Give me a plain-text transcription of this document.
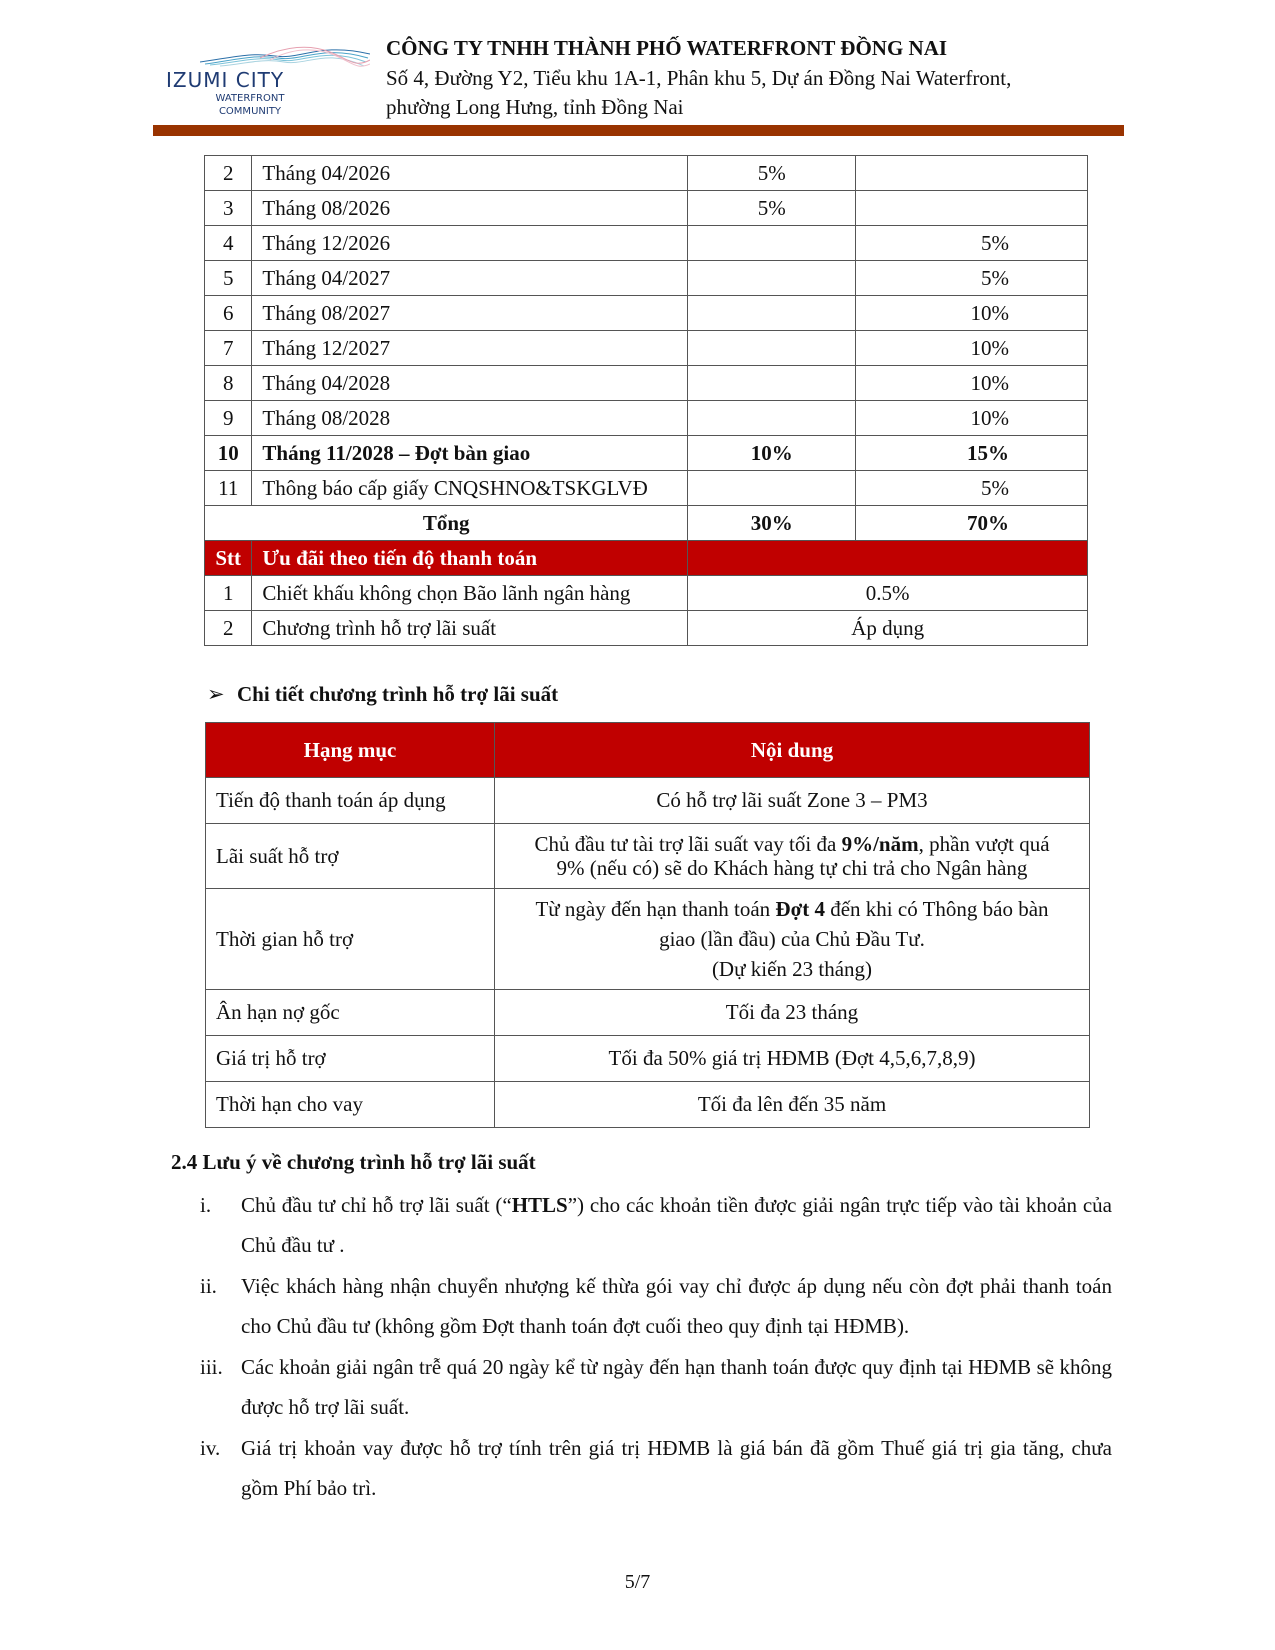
IZUMI CITY
WATERFRONT
COMMUNITY
CÔNG TY TNHH THÀNH PHỐ WATERFRONT ĐỒNG NAI
Số 4, Đường Y2, Tiểu khu 1A-1, Phân khu 5, Dự án Đồng Nai Waterfront,
phường Long Hưng, tỉnh Đồng Nai
2	Tháng 04/2026	5%	
3	Tháng 08/2026	5%	
4	Tháng 12/2026		5%
5	Tháng 04/2027		5%
6	Tháng 08/2027		10%
7	Tháng 12/2027		10%
8	Tháng 04/2028		10%
9	Tháng 08/2028		10%
10	Tháng 11/2028 – Đợt bàn giao	10%	15%
11	Thông báo cấp giấy CNQSHNO&TSKGLVĐ		5%
Tổng		30%	70%
Stt	Ưu đãi theo tiến độ thanh toán		
1	Chiết khấu không chọn Bão lãnh ngân hàng	0.5%	
2	Chương trình hỗ trợ lãi suất	Áp dụng	
➢ Chi tiết chương trình hỗ trợ lãi suất
Hạng mục	Nội dung
Tiến độ thanh toán áp dụng	Có hỗ trợ lãi suất Zone 3 – PM3
Lãi suất hỗ trợ	Chủ đầu tư tài trợ lãi suất vay tối đa 9%/năm, phần vượt quá
9% (nếu có) sẽ do Khách hàng tự chi trả cho Ngân hàng
Thời gian hỗ trợ	Từ ngày đến hạn thanh toán Đợt 4 đến khi có Thông báo bàn
giao (lần đầu) của Chủ Đầu Tư.
(Dự kiến 23 tháng)
Ân hạn nợ gốc	Tối đa 23 tháng
Giá trị hỗ trợ	Tối đa 50% giá trị HĐMB (Đợt 4,5,6,7,8,9)
Thời hạn cho vay	Tối đa lên đến 35 năm
2.4 Lưu ý về chương trình hỗ trợ lãi suất
i.	Chủ đầu tư chỉ hỗ trợ lãi suất (“HTLS”) cho các khoản tiền được giải ngân trực tiếp vào tài khoản của Chủ đầu tư .
ii.	Việc khách hàng nhận chuyển nhượng kế thừa gói vay chỉ được áp dụng nếu còn đợt phải thanh toán cho Chủ đầu tư (không gồm Đợt thanh toán đợt cuối theo quy định tại HĐMB).
iii. Các khoản giải ngân trễ quá 20 ngày kể từ ngày đến hạn thanh toán được quy định tại HĐMB sẽ không được hỗ trợ lãi suất.
iv. Giá trị khoản vay được hỗ trợ tính trên giá trị HĐMB là giá bán đã gồm Thuế giá trị gia tăng, chưa gồm Phí bảo trì.
5/7
